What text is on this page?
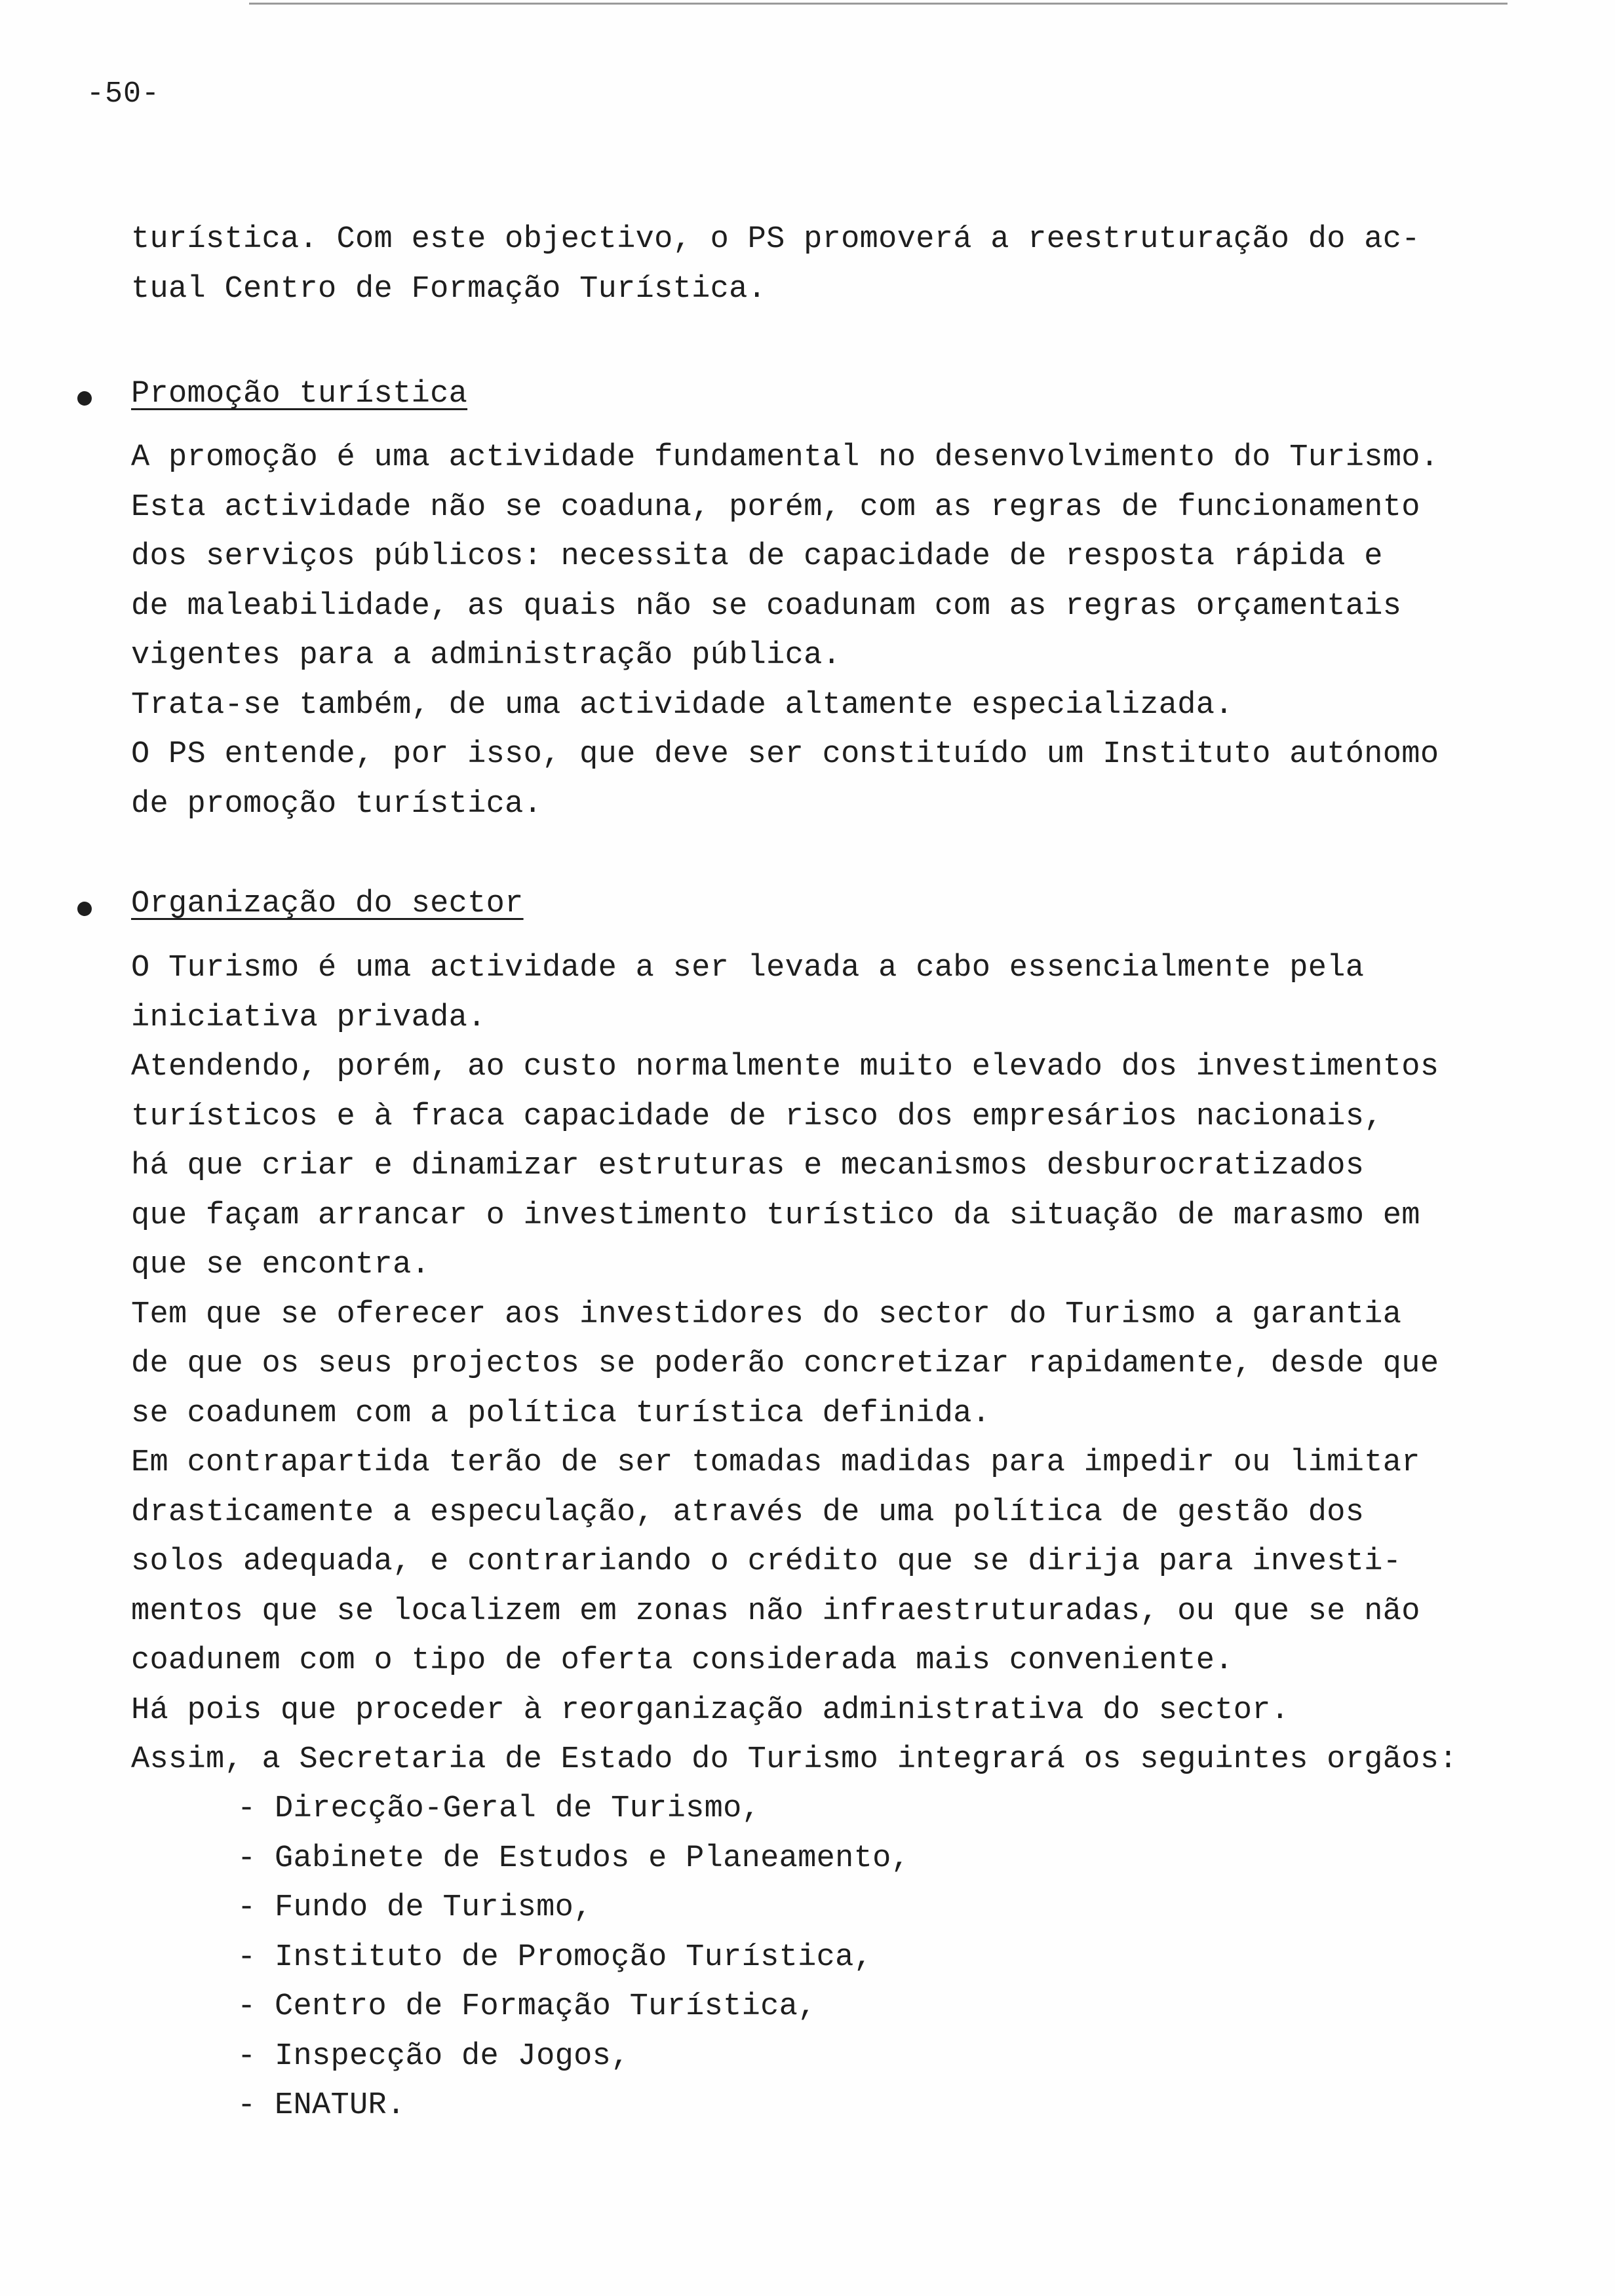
-50-
turística. Com este objectivo, o PS promoverá a reestruturação do ac-
tual Centro de Formação Turística.
Promoção turística
A promoção é uma actividade fundamental no desenvolvimento do Turismo.
Esta actividade não se coaduna, porém, com as regras de funcionamento
dos serviços públicos: necessita de capacidade de resposta rápida e
de maleabilidade, as quais não se coadunam com as regras orçamentais
vigentes para a administração pública.
Trata-se também, de uma actividade altamente especializada.
O PS entende, por isso, que deve ser constituído um Instituto autónomo
de promoção turística.
Organização do sector
O Turismo é uma actividade a ser levada a cabo essencialmente pela
iniciativa privada.
Atendendo, porém, ao custo normalmente muito elevado dos investimentos
turísticos e à fraca capacidade de risco dos empresários nacionais,
há que criar e dinamizar estruturas e mecanismos desburocratizados
que façam arrancar o investimento turístico da situação de marasmo em
que se encontra.
Tem que se oferecer aos investidores do sector do Turismo a garantia
de que os seus projectos se poderão concretizar rapidamente, desde que
se coadunem com a política turística definida.
Em contrapartida terão de ser tomadas madidas para impedir ou limitar
drasticamente a especulação, através de uma política de gestão dos
solos adequada, e contrariando o crédito que se dirija para investi-
mentos que se localizem em zonas não infraestruturadas, ou que se não
coadunem com o tipo de oferta considerada mais conveniente.
Há pois que proceder à reorganização administrativa do sector.
Assim, a Secretaria de Estado do Turismo integrará os seguintes orgãos:
- Direcção-Geral de Turismo,
- Gabinete de Estudos e Planeamento,
- Fundo de Turismo,
- Instituto de Promoção Turística,
- Centro de Formação Turística,
- Inspecção de Jogos,
- ENATUR.
